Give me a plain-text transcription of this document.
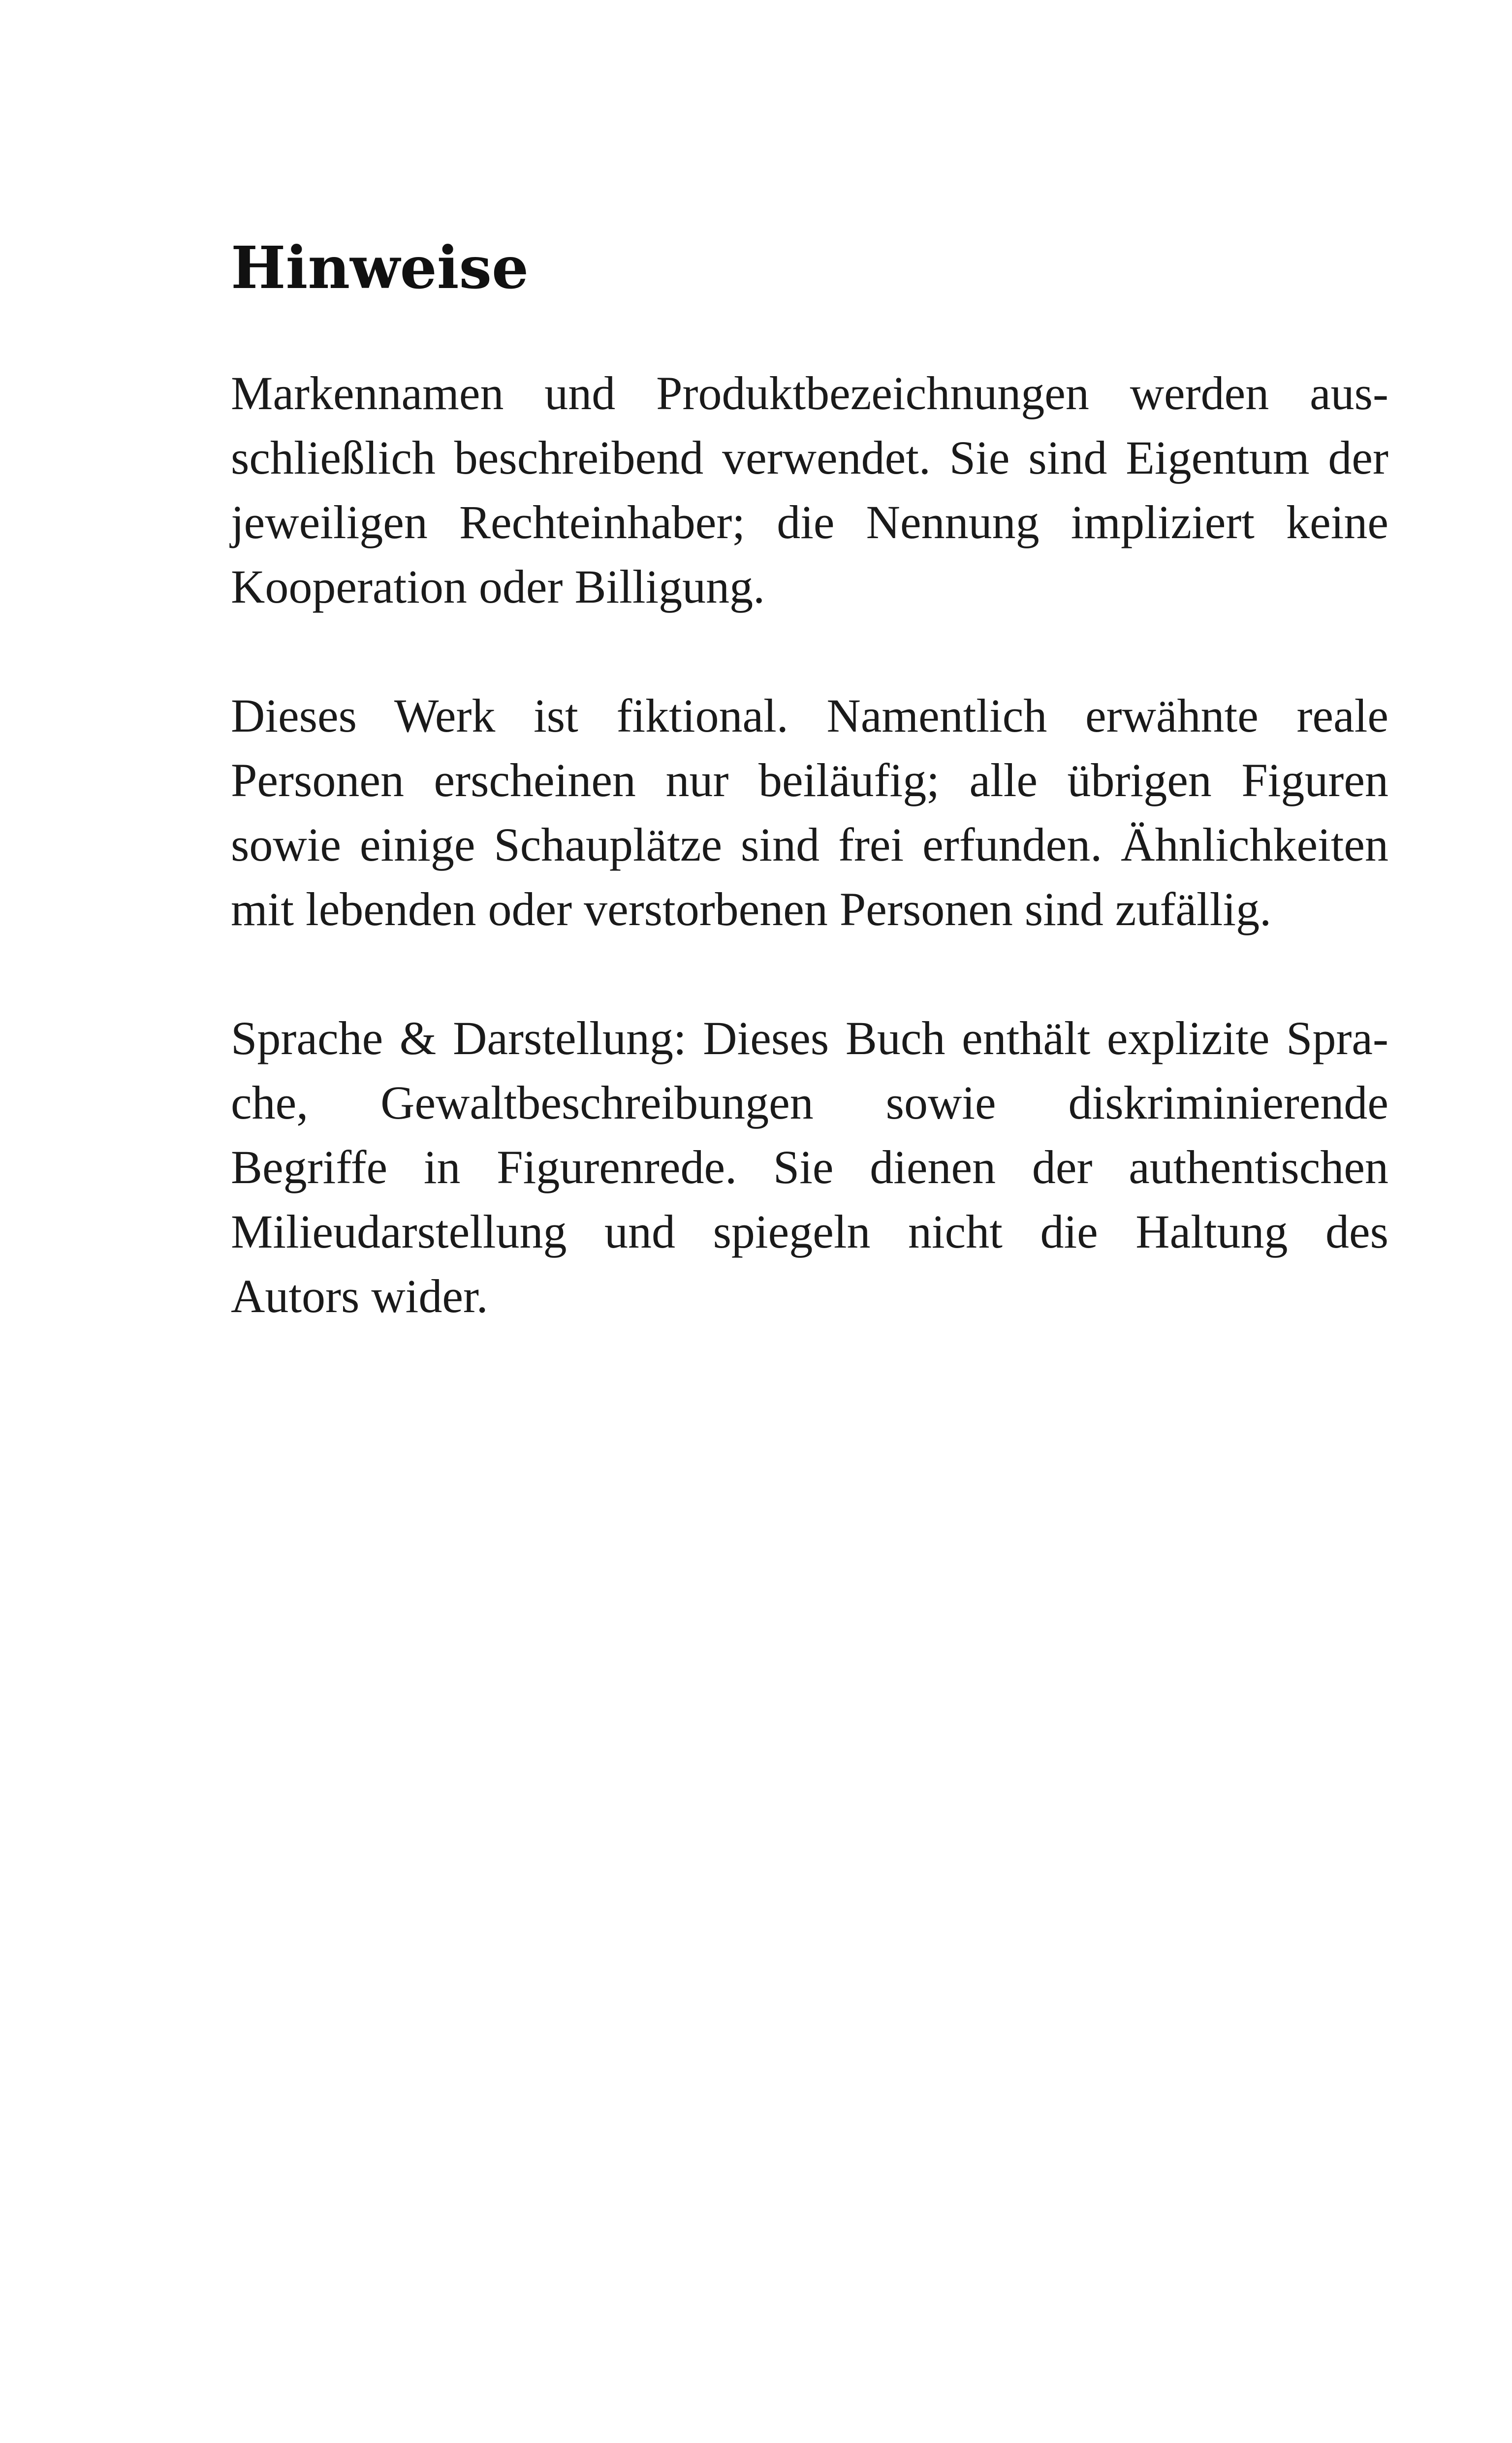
Hinweise
Markennamen und Produktbezeichnungen werden aus-
schließlich beschreibend verwendet. Sie sind Eigentum der
jeweiligen Rechteinhaber; die Nennung impliziert keine
Kooperation oder Billigung.
Dieses Werk ist fiktional. Namentlich erwähnte reale
Personen erscheinen nur beiläufig; alle übrigen Figuren
sowie einige Schauplätze sind frei erfunden. Ähnlichkeiten
mit lebenden oder verstorbenen Personen sind zufällig.
Sprache & Darstellung: Dieses Buch enthält explizite Spra-
che, Gewaltbeschreibungen sowie diskriminierende
Begriffe in Figurenrede. Sie dienen der authentischen
Milieudarstellung und spiegeln nicht die Haltung des
Autors wider.
